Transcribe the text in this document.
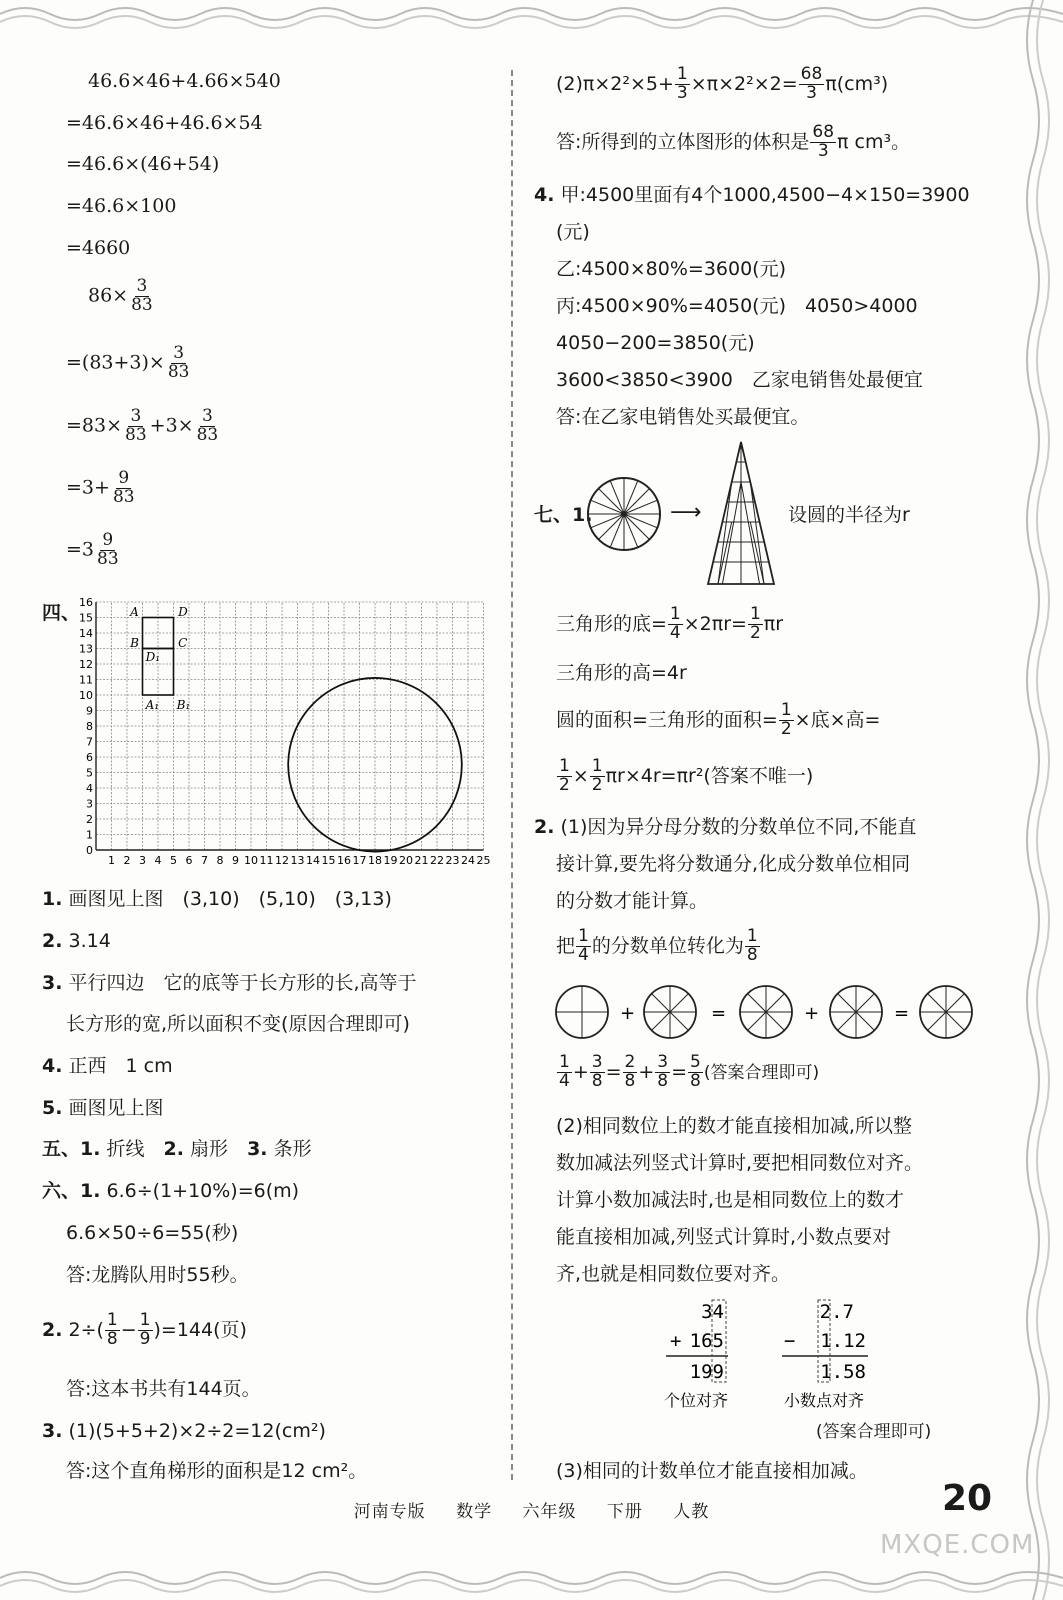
46.6×46+4.66×540
=46.6×46+46.6×54
=46.6×(46+54)
=46.6×100
=4660
$86\times \frac{3}{83}$
$=(83+3)\times \frac{3}{83}$
$=83\times \frac{3}{83} +3\times \frac{3}{83}$
$=3+ \frac{9}{83}$
$=3 \frac{9}{83}$
四、
16
15
14
13
12
11
10
9
8
7
6
5
4
3
2
1
0
1 2 3 4 5 6 7 8 9 10 11 12 13 14 15 16 17 18 19 20 21 22 23 24 25
A	D
B	C
D₁
A₁ B₁
1. 画图见上图　(3,10)　(5,10)　(3,13)
2. 3.14
3. 平行四边　它的底等于长方形的长,高等于
长方形的宽,所以面积不变(原因合理即可)
4. 正西　1 cm
5. 画图见上图
五、1. 折线　 2. 扇形　 3. 条形
六、1. 6.6÷(1+10%)=6(m)
6.6×50÷6=55(秒)
答:龙腾队用时55秒。
2. $2\div( \frac{1}{8} - \frac{1}{9} )=144$(页)
答:这本书共有144页。
3. (1)(5+5+2)×2÷2=12(cm²)
答:这个直角梯形的面积是12 cm²。
$(2)\pi\times 2^2\times 5+ \frac{1}{3} \times\pi\times 2^2\times 2= \frac{68}{3} \pi(cm^3)$
答:所得到的立体图形的体积是 $\frac{68}{3}$ π cm³。
4. 甲:4500里面有4个1000,4500−4×150=3900
(元)
乙:4500×80%=3600(元)
丙:4500×90%=4050(元)　4050>4000
4050−200=3850(元)
3600<3850<3900　乙家电销售处最便宜
答:在乙家电销售处买最便宜。
七、1.	⟶	设圆的半径为r
三角形的底= $\frac{1}{4} \times 2\pi r= \frac{1}{2}$ πr
三角形的高=4r
圆的面积=三角形的面积= $\frac{1}{2}$ ×底×高=
$\frac{1}{2} \times \frac{1}{2} \pi r\times 4r=\pi r^2$(答案不唯一)
2. (1)因为异分母分数的分数单位不同,不能直
接计算,要先将分数通分,化成分数单位相同
的分数才能计算。
把 $\frac{1}{4}$ 的分数单位转化为 $\frac{1}{8}$
+	=	+	=
$\frac{1}{4} + \frac{3}{8} = \frac{2}{8} + \frac{3}{8} = \frac{5}{8}$ (答案合理即可)
(2)相同数位上的数才能直接相加减,所以整
数加减法列竖式计算时,要把相同数位对齐。
计算小数加减法时,也是相同数位上的数才
能直接相加减,列竖式计算时,小数点要对
齐,也就是相同数位要对齐。
34
+ 165
199
个位对齐
2.7
− 1.12
1.58
小数点对齐
(答案合理即可)
(3)相同的计数单位才能直接相加减。
河南专版 数学 六年级 下册 人教	20
MXQE.COM
